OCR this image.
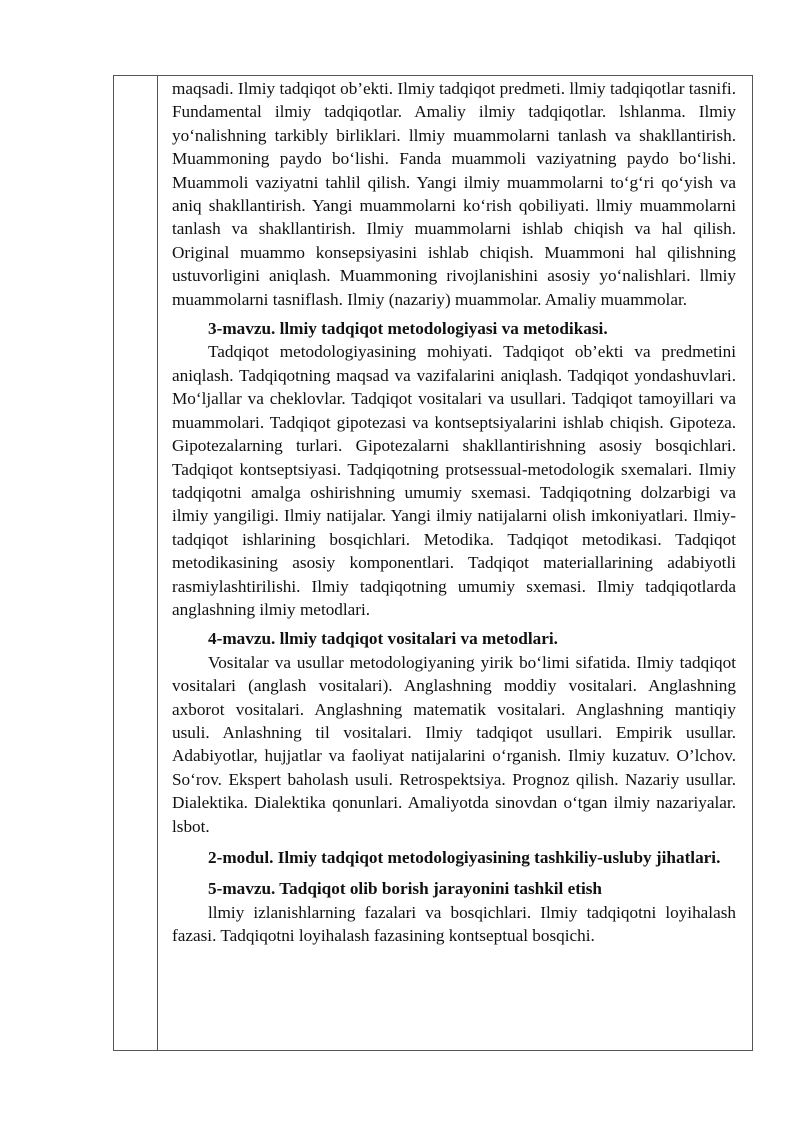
maqsadi. Ilmiy tadqiqot ob’ekti. Ilmiy tadqiqot predmeti. llmiy tadqiqotlar tasnifi. Fundamental ilmiy tadqiqotlar. Amaliy ilmiy tadqiqotlar. lshlanma. Ilmiy yo‘nalishning tarkibly birliklari. llmiy muammolarni tanlash va shakllantirish. Muammoning paydo bo‘lishi. Fanda muammoli vaziyatning paydo bo‘lishi. Muammoli vaziyatni tahlil qilish. Yangi ilmiy muammolarni to‘g‘ri qo‘yish va aniq shakllantirish. Yangi muammolarni ko‘rish qobiliyati. llmiy muammolarni tanlash va shakllantirish. Ilmiy muammolarni ishlab chiqish va hal qilish. Original muammo konsepsiyasini ishlab chiqish. Muammoni hal qilishning ustuvorligini aniqlash. Muammoning rivojlanishini asosiy yo‘nalishlari. llmiy muammolarni tasniflash. Ilmiy (nazariy) muammolar. Amaliy muammolar.

3-mavzu. llmiy tadqiqot metodologiyasi va metodikasi.

Tadqiqot metodologiyasining mohiyati. Tadqiqot ob’ekti va predmetini aniqlash. Tadqiqotning maqsad va vazifalarini aniqlash. Tadqiqot yondashuvlari. Mo‘ljallar va cheklovlar. Tadqiqot vositalari va usullari. Tadqiqot tamoyillari va muammolari. Tadqiqot gipotezasi va kontseptsiyalarini ishlab chiqish. Gipoteza. Gipotezalarning turlari. Gipotezalarni shakllantirishning asosiy bosqichlari. Tadqiqot kontseptsiyasi. Tadqiqotning protsessual-metodologik sxemalari. Ilmiy tadqiqotni amalga oshirishning umumiy sxemasi. Tadqiqotning dolzarbigi va ilmiy yangiligi. Ilmiy natijalar. Yangi ilmiy natijalarni olish imkoniyatlari. Ilmiy-tadqiqot ishlarining bosqichlari. Metodika. Tadqiqot metodikasi. Tadqiqot metodikasining asosiy komponentlari. Tadqiqot materiallarining adabiyotli rasmiylashtirilishi. Ilmiy tadqiqotning umumiy sxemasi. Ilmiy tadqiqotlarda anglashning ilmiy metodlari.

4-mavzu. llmiy tadqiqot vositalari va metodlari.

Vositalar va usullar metodologiyaning yirik bo‘limi sifatida. Ilmiy tadqiqot vositalari (anglash vositalari). Anglashning moddiy vositalari. Anglashning axborot vositalari. Anglashning matematik vositalari. Anglashning mantiqiy usuli. Anlashning til vositalari. Ilmiy tadqiqot usullari. Empirik usullar. Adabiyotlar, hujjatlar va faoliyat natijalarini o‘rganish. Ilmiy kuzatuv. O’lchov. So‘rov. Ekspert baholash usuli. Retrospektsiya. Prognoz qilish. Nazariy usullar. Dialektika. Dialektika qonunlari. Amaliyotda sinovdan o‘tgan ilmiy nazariyalar. lsbot.

2-modul. Ilmiy tadqiqot metodologiyasining tashkiliy-usluby jihatlari.

5-mavzu. Tadqiqot olib borish jarayonini tashkil etish

llmiy izlanishlarning fazalari va bosqichlari. Ilmiy tadqiqotni loyihalash fazasi. Tadqiqotni loyihalash fazasining kontseptual bosqichi.
